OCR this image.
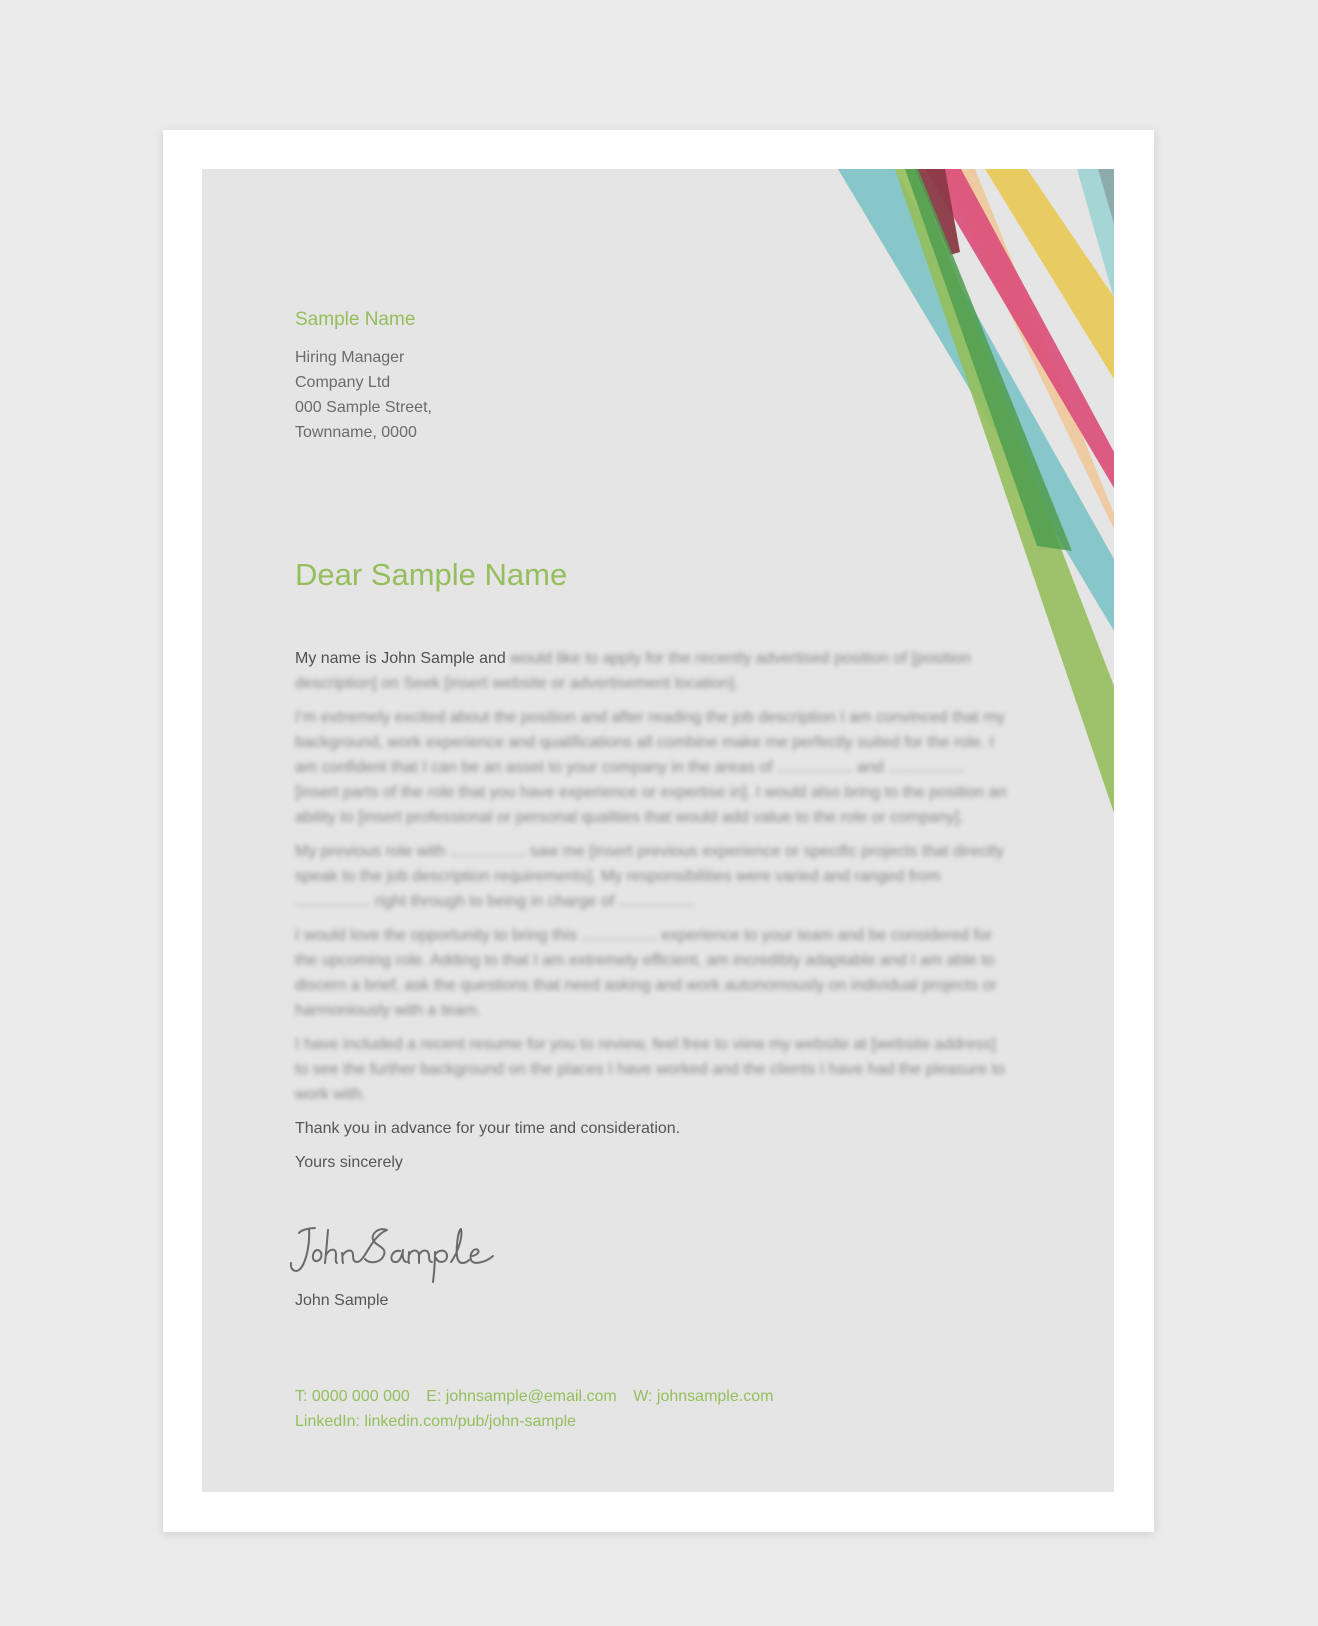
Sample Name

Hiring Manager
Company Ltd
000 Sample Street,
Townname, 0000
Dear Sample Name

My name is John Sample and would like to apply for the recently advertised position of [position description] on Seek [insert website or advertisement location].

I’m extremely excited about the position and after reading the job description I am convinced that my background, work experience and qualifications all combine make me perfectly suited for the role. I am confident that I can be an asset to your company in the areas of ................. and ................. [insert parts of the role that you have experience or expertise in]. I would also bring to the position an ability to [insert professional or personal qualities that would add value to the role or company].

My previous role with ................. saw me [insert previous experience or specific projects that directly speak to the job description requirements]. My responsibilities were varied and ranged from ................. right through to being in charge of .................

I would love the opportunity to bring this ................. experience to your team and be considered for the upcoming role. Adding to that I am extremely efficient, am incredibly adaptable and I am able to discern a brief, ask the questions that need asking and work autonomously on individual projects or harmoniously with a team.

I have included a recent resume for you to review, feel free to view my website at [website address] to see the further background on the places I have worked and the clients I have had the pleasure to work with.

Thank you in advance for your time and consideration.

Yours sincerely

John Sample

T: 0000 000 000 E: johnsample@email.com W: johnsample.com
LinkedIn: linkedin.com/pub/john-sample
